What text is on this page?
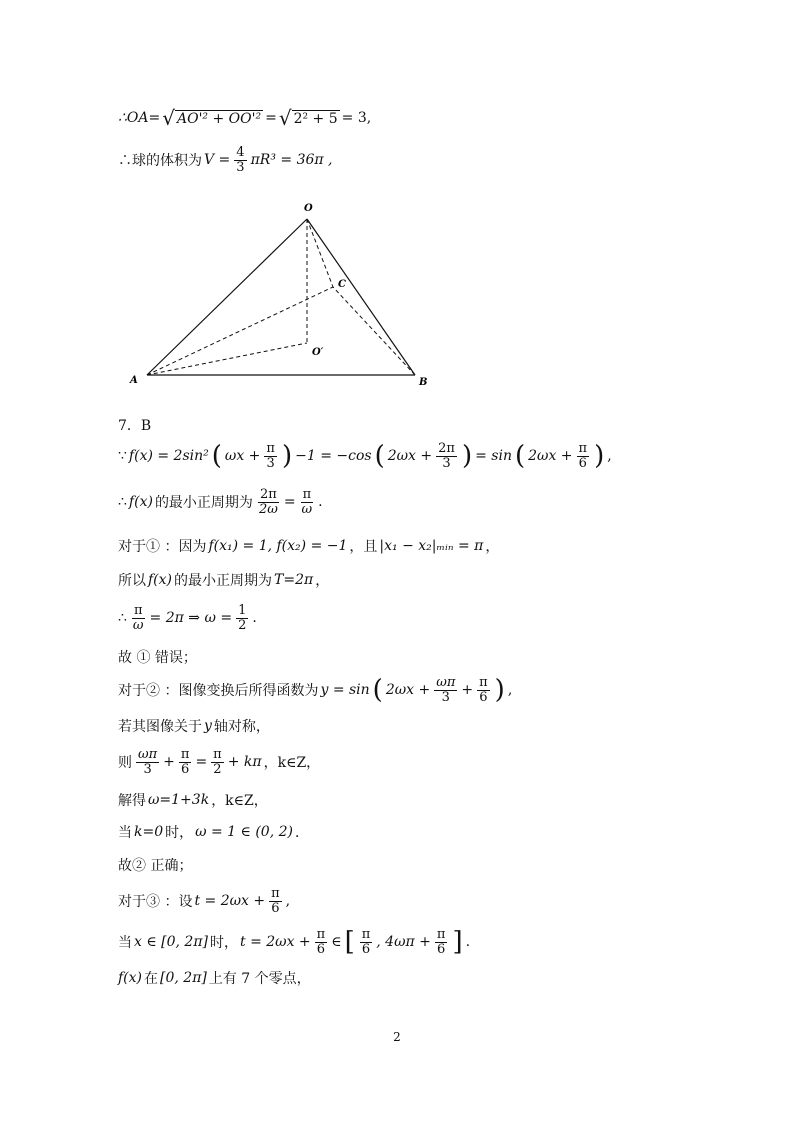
∴OA= √ AO'² + OO'² = √ 2² + 5 = 3,
∴球的体积为 $V = \frac{4}{3} \pi R^3 = 36\pi$ ,
O
C
O′
A	B
7．B
∵ f(x) = 2sin² ( $\omega x + \frac{\pi}{3}$ ) −1 = −cos ( $2\omega x + \frac{2\pi}{3}$ ) = sin ( $2\omega x + \frac{\pi}{6}$ ) ,
∴ f(x) 的最小正周期为 $\frac{2\pi}{2\omega} = \frac{\pi}{\omega}$ .
对于① ：因为 f(x₁) = 1, f(x₂) = −1 ，且 |x₁ − x₂|ₘᵢₙ = π ，
所以 f(x) 的最小正周期为 T=2π ，
∴ $\frac{\pi}{\omega} = 2\pi$ ⇒ $\omega = \frac{1}{2}$ .
故 ① 错误；
对于② ：图像变换后所得函数为 y = sin ( $2\omega x + \frac{\omega\pi}{3} + \frac{\pi}{6}$ ) ,
若其图像关于 y 轴对称，
则 $\frac{\omega\pi}{3} + \frac{\pi}{6} = \frac{\pi}{2} + k\pi$ ，k∈Z，
解得 ω=1+3k ，k∈Z，
当 k=0 时， ω = 1 ∈ (0, 2) ．
故② 正确；
对于③ ：设 $t = 2\omega x + \frac{\pi}{6}$ ,
当 x ∈ [0, 2π] 时， $t = 2\omega x + \frac{\pi}{6}$ ∈ [ $\frac{\pi}{6}$ , $4\omega\pi + \frac{\pi}{6}$ ] .
f(x) 在 [0, 2π] 上有 7 个零点，
2
